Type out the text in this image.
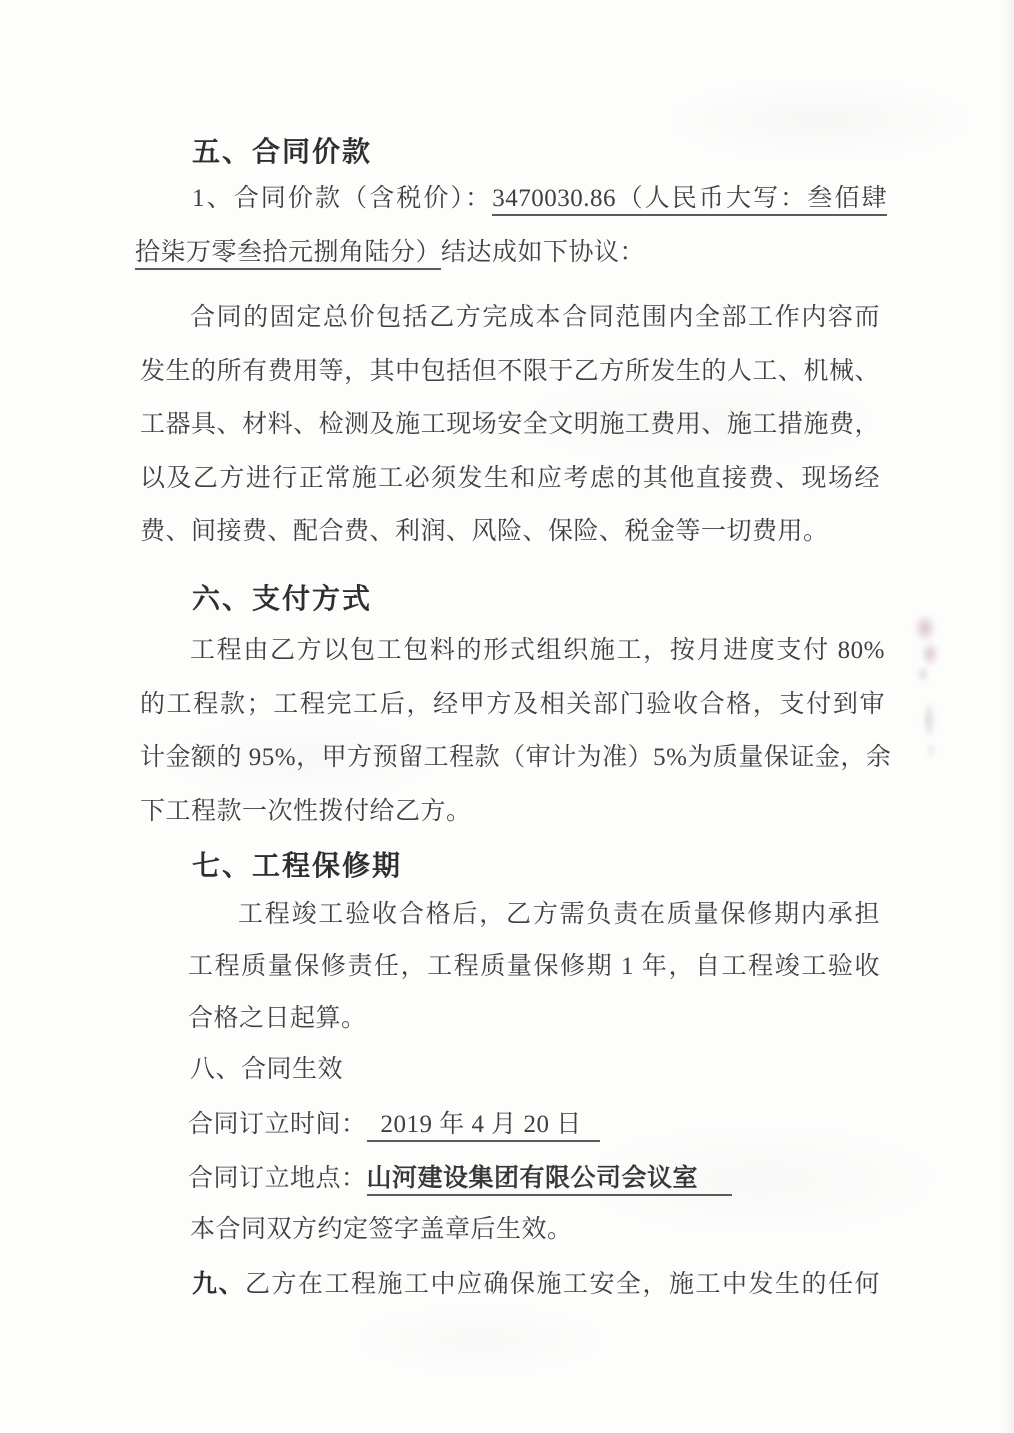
五、合同价款
1、合同价款（含税价）：3470030.86（人民币大写：叁佰肆
拾柒万零叁拾元捌角陆分）结达成如下协议：
合同的固定总价包括乙方完成本合同范围内全部工作内容而
发生的所有费用等，其中包括但不限于乙方所发生的人工、机械、
工器具、材料、检测及施工现场安全文明施工费用、施工措施费，
以及乙方进行正常施工必须发生和应考虑的其他直接费、现场经
费、间接费、配合费、利润、风险、保险、税金等一切费用。
六、支付方式
工程由乙方以包工包料的形式组织施工，按月进度支付 80%
的工程款；工程完工后，经甲方及相关部门验收合格，支付到审
计金额的 95%，甲方预留工程款（审计为准）5%为质量保证金，余
下工程款一次性拨付给乙方。
七、工程保修期
工程竣工验收合格后，乙方需负责在质量保修期内承担
工程质量保修责任，工程质量保修期 1 年，自工程竣工验收
合格之日起算。
八、合同生效
合同订立时间： 2019 年 4 月 20 日
合同订立地点：山河建设集团有限公司会议室
本合同双方约定签字盖章后生效。
九、乙方在工程施工中应确保施工安全，施工中发生的任何
